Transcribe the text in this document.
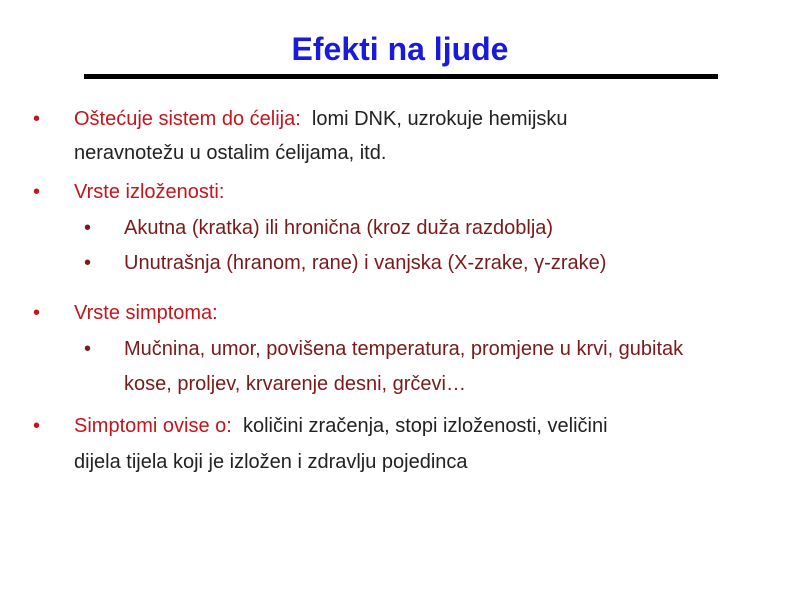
Efekti na ljude
• Oštećuje sistem do ćelija: lomi DNK, uzrokuje hemijsku
neravnotežu u ostalim ćelijama, itd.
• Vrste izloženosti:
• Akutna (kratka) ili hronična (kroz duža razdoblja)
• Unutrašnja (hranom, rane) i vanjska (X-zrake, γ-zrake)
• Vrste simptoma:
• Mučnina, umor, povišena temperatura, promjene u krvi, gubitak
kose, proljev, krvarenje desni, grčevi…
• Simptomi ovise o: količini zračenja, stopi izloženosti, veličini
dijela tijela koji je izložen i zdravlju pojedinca
